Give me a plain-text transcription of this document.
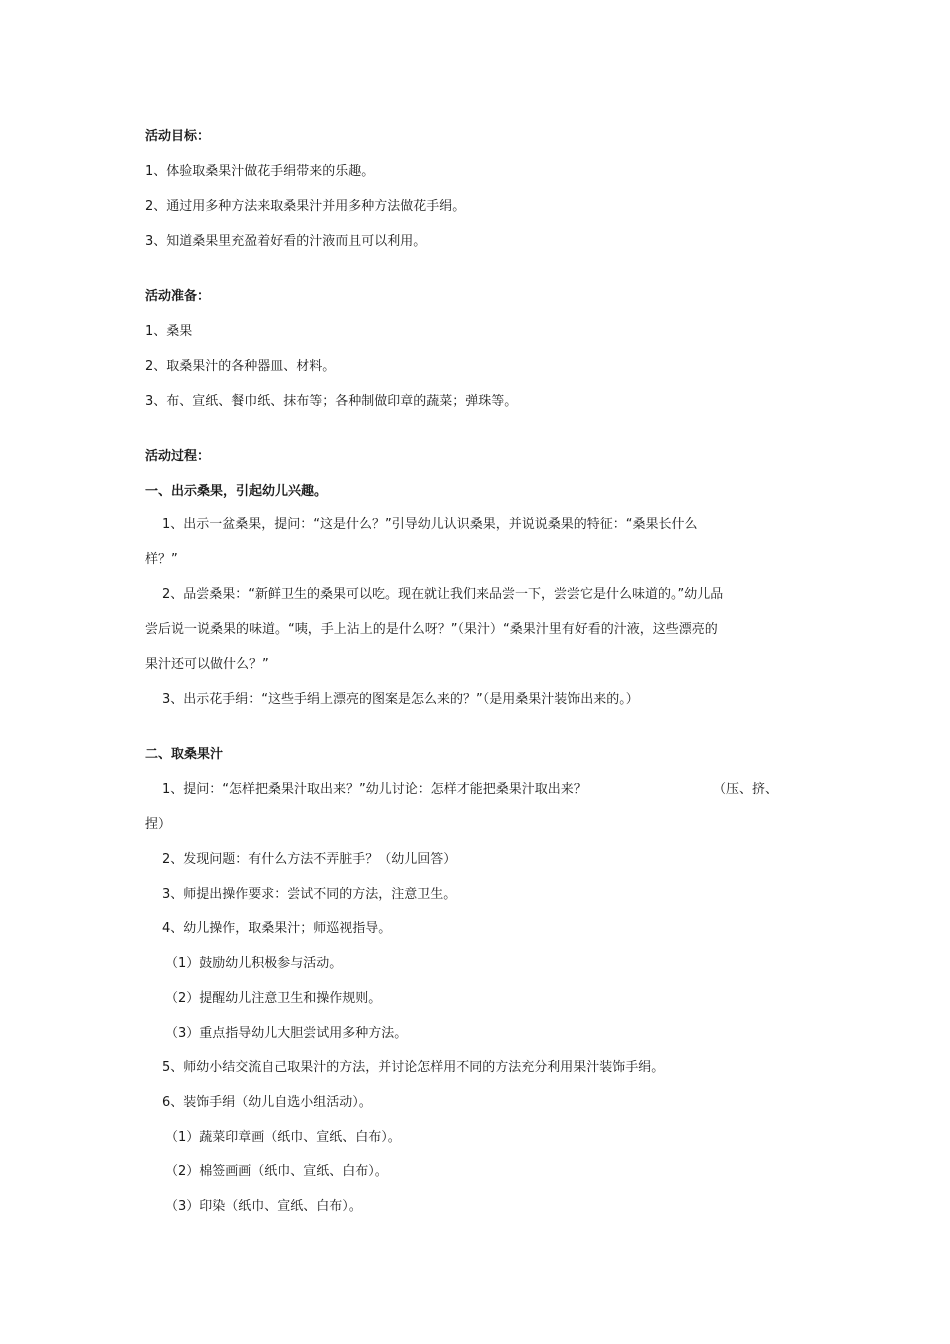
活动目标：
1、体验取桑果汁做花手绢带来的乐趣。
2、通过用多种方法来取桑果汁并用多种方法做花手绢。
3、知道桑果里充盈着好看的汁液而且可以利用。
活动准备：
1、桑果
2、取桑果汁的各种器皿、材料。
3、布、宣纸、餐巾纸、抹布等；各种制做印章的蔬菜；弹珠等。
活动过程：
一、出示桑果，引起幼儿兴趣。
1、出示一盆桑果，提问：“这是什么？”引导幼儿认识桑果，并说说桑果的特征：“桑果长什么
样？”
2、品尝桑果：“新鲜卫生的桑果可以吃。现在就让我们来品尝一下，尝尝它是什么味道的。”幼儿品
尝后说一说桑果的味道。“咦，手上沾上的是什么呀？”（果汁）“桑果汁里有好看的汁液，这些漂亮的
果汁还可以做什么？”
3、出示花手绢：“这些手绢上漂亮的图案是怎么来的？”（是用桑果汁装饰出来的。）
二、取桑果汁
1、提问：“怎样把桑果汁取出来？”幼儿讨论：怎样才能把桑果汁取出来？	（压、挤、
捏）
2、发现问题：有什么方法不弄脏手？（幼儿回答）
3、师提出操作要求：尝试不同的方法，注意卫生。
4、幼儿操作，取桑果汁；师巡视指导。
（1）鼓励幼儿积极参与活动。
（2）提醒幼儿注意卫生和操作规则。
（3）重点指导幼儿大胆尝试用多种方法。
5、师幼小结交流自己取果汁的方法，并讨论怎样用不同的方法充分利用果汁装饰手绢。
6、装饰手绢（幼儿自选小组活动）。
（1）蔬菜印章画（纸巾、宣纸、白布）。
（2）棉签画画（纸巾、宣纸、白布）。
（3）印染（纸巾、宣纸、白布）。
